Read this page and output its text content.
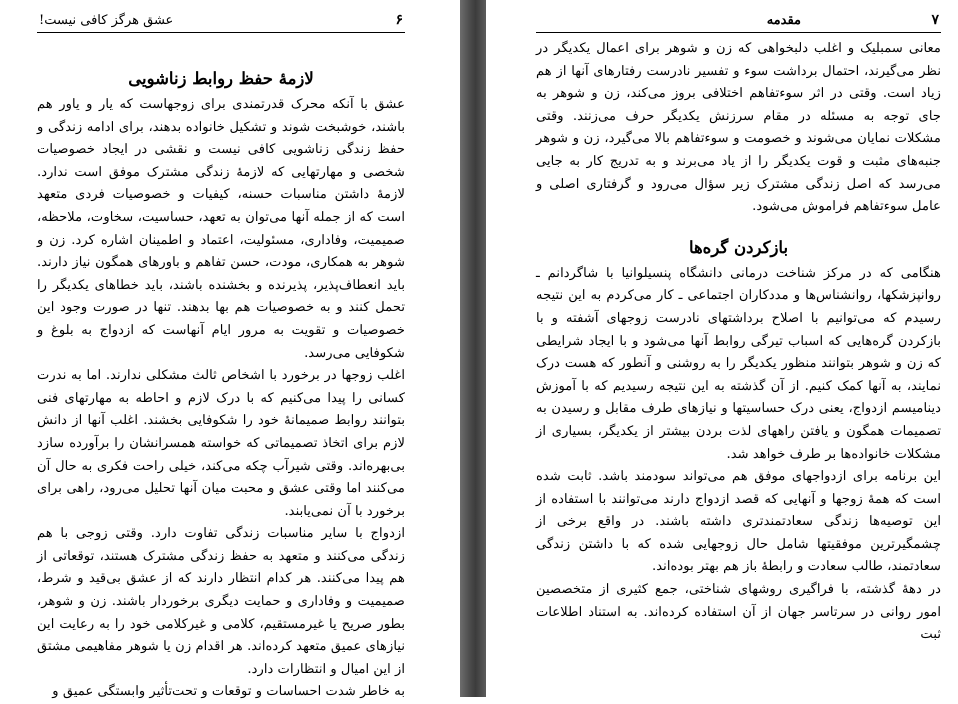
۶
عشق هرگز کافی نیست!
لازمهٔ حفظ روابط زناشویی

عشق با آنکه محرک قدرتمندی برای زوجهاست که یار و یاور هم باشند، خوشبخت شوند و تشکیل خانواده بدهند، برای ادامه زندگی و حفظ زندگی زناشویی کافی نیست و نقشی در ایجاد خصوصیات شخصی و مهارتهایی که لازمهٔ زندگی مشترک موفق است ندارد. لازمهٔ داشتن مناسبات حسنه، کیفیات و خصوصیات فردی متعهد است که از جمله آنها می‌توان به تعهد، حساسیت، سخاوت، ملاحظه، صمیمیت، وفاداری، مسئولیت، اعتماد و اطمینان اشاره کرد. زن و شوهر به همکاری، مودت، حسن تفاهم و باورهای همگون نیاز دارند. باید انعطاف‌پذیر، پذیرنده و بخشنده باشند، باید خطاهای یکدیگر را تحمل کنند و به خصوصیات هم بها بدهند. تنها در صورت وجود این خصوصیات و تقویت به مرور ایام آنهاست که ازدواج به بلوغ و شکوفایی می‌رسد.

اغلب زوجها در برخورد با اشخاص ثالث مشکلی ندارند. اما به ندرت کسانی را پیدا می‌کنیم که با درک لازم و احاطه به مهارتهای فنی بتوانند روابط صمیمانهٔ خود را شکوفایی بخشند. اغلب آنها از دانش لازم برای اتخاذ تصمیماتی که خواسته همسرانشان را برآورده سازد بی‌بهره‌اند. وقتی شیرآب چکه می‌کند، خیلی راحت فکری به حال آن می‌کنند اما وقتی عشق و محبت میان آنها تحلیل می‌رود، راهی برای برخورد با آن نمی‌یابند.

ازدواج با سایر مناسبات زندگی تفاوت دارد. وقتی زوجی با هم زندگی می‌کنند و متعهد به حفظ زندگی مشترک هستند، توقعاتی از هم پیدا می‌کنند. هر کدام انتظار دارند که از عشق بی‌قید و شرط، صمیمیت و وفاداری و حمایت دیگری برخوردار باشند. زن و شوهر، بطور صریح یا غیرمستقیم، کلامی و غیرکلامی خود را به رعایت این نیازهای عمیق متعهد کرده‌اند. هر اقدام زن یا شوهر مفاهیمی مشتق از این امیال و انتظارات دارد.

به خاطر شدت احساسات و توقعات و تحت‌تأثیر وابستگی عمیق و

۷
مقدمه

معانی سمبلیک و اغلب دلبخواهی که زن و شوهر برای اعمال یکدیگر در نظر می‌گیرند، احتمال برداشت سوء و تفسیر نادرست رفتارهای آنها از هم زیاد است. وقتی در اثر سوءتفاهم اختلافی بروز می‌کند، زن و شوهر به جای توجه به مسئله در مقام سرزنش یکدیگر حرف می‌زنند. وقتی مشکلات نمایان می‌شوند و خصومت و سوءتفاهم بالا می‌گیرد، زن و شوهر جنبه‌های مثبت و قوت یکدیگر را از یاد می‌برند و به تدریج کار به جایی می‌رسد که اصل زندگی مشترک زیر سؤال می‌رود و گرفتاری اصلی و عامل سوءتفاهم فراموش می‌شود.

بازکردن گره‌ها

هنگامی که در مرکز شناخت درمانی دانشگاه پنسیلوانیا با شاگردانم ـ روانپزشکها، روانشناس‌ها و مددکاران اجتماعی ـ کار می‌کردم به این نتیجه رسیدم که می‌توانیم با اصلاح برداشتهای نادرست زوجهای آشفته و با بازکردن گره‌هایی که اسباب تیرگی روابط آنها می‌شود و با ایجاد شرایطی که زن و شوهر بتوانند منظور یکدیگر را به روشنی و آنطور که هست درک نمایند، به آنها کمک کنیم. از آن گذشته به این نتیجه رسیدیم که با آموزش دینامیسم ازدواج، یعنی درک حساسیتها و نیازهای طرف مقابل و رسیدن به تصمیمات همگون و یافتن راههای لذت بردن بیشتر از یکدیگر، بسیاری از مشکلات خانواده‌ها بر طرف خواهد شد.

این برنامه برای ازدواجهای موفق هم می‌تواند سودمند باشد. ثابت شده است که همهٔ زوجها و آنهایی که قصد ازدواج دارند می‌توانند با استفاده از این توصیه‌ها زندگی سعادتمندتری داشته باشند. در واقع برخی از چشمگیرترین موفقیتها شامل حال زوجهایی شده که با داشتن زندگی سعادتمند، طالب سعادت و رابطهٔ باز هم بهتر بوده‌اند.

در دههٔ گذشته، با فراگیری روشهای شناختی، جمع کثیری از متخصصین امور روانی در سرتاسر جهان از آن استفاده کرده‌اند. به استناد اطلاعات ثبت
